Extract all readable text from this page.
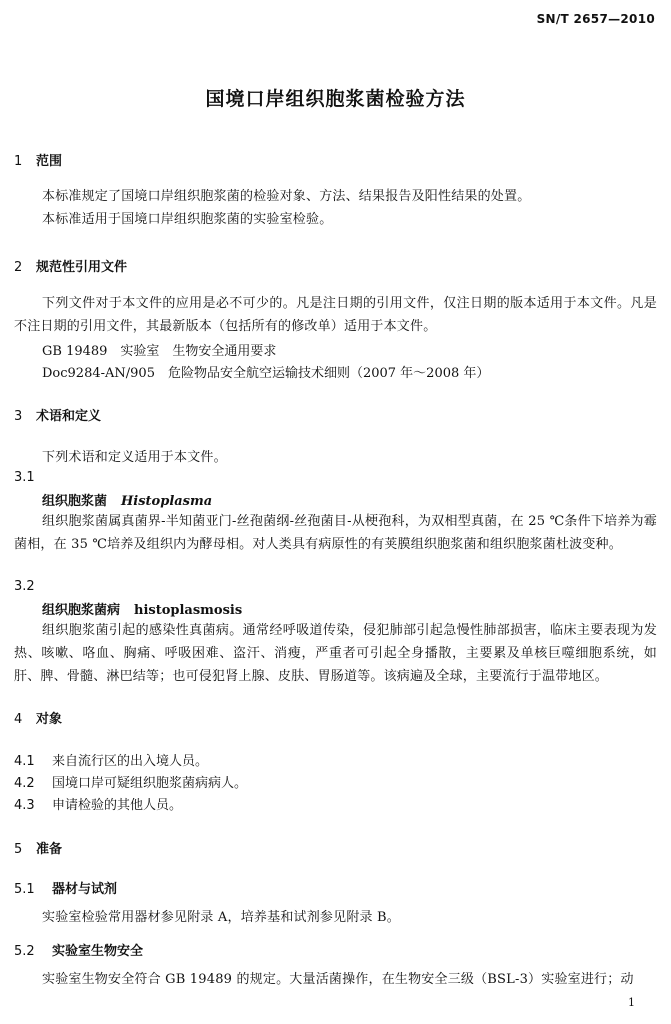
SN/T 2657—2010
国境口岸组织胞浆菌检验方法
1 范围
本标准规定了国境口岸组织胞浆菌的检验对象、方法、结果报告及阳性结果的处置。
本标准适用于国境口岸组织胞浆菌的实验室检验。
2 规范性引用文件
下列文件对于本文件的应用是必不可少的。凡是注日期的引用文件，仅注日期的版本适用于本文件。凡是不注日期的引用文件，其最新版本（包括所有的修改单）适用于本文件。
GB 19489　实验室　生物安全通用要求
Doc9284-AN/905　危险物品安全航空运输技术细则（2007 年～2008 年）
3 术语和定义
下列术语和定义适用于本文件。
3.1
组织胞浆菌 Histoplasma
组织胞浆菌属真菌界-半知菌亚门-丝孢菌纲-丝孢菌目-从梗孢科，为双相型真菌，在 25 ℃条件下培养为霉菌相，在 35 ℃培养及组织内为酵母相。对人类具有病原性的有荚膜组织胞浆菌和组织胞浆菌杜波变种。
3.2
组织胞浆菌病 histoplasmosis
组织胞浆菌引起的感染性真菌病。通常经呼吸道传染，侵犯肺部引起急慢性肺部损害，临床主要表现为发热、咳嗽、咯血、胸痛、呼吸困难、盗汗、消瘦，严重者可引起全身播散，主要累及单核巨噬细胞系统，如肝、脾、骨髓、淋巴结等；也可侵犯肾上腺、皮肤、胃肠道等。该病遍及全球，主要流行于温带地区。
4 对象
4.1 来自流行区的出入境人员。
4.2 国境口岸可疑组织胞浆菌病病人。
4.3 申请检验的其他人员。
5 准备
5.1 器材与试剂
实验室检验常用器材参见附录 A，培养基和试剂参见附录 B。
5.2 实验室生物安全
实验室生物安全符合 GB 19489 的规定。大量活菌操作，在生物安全三级（BSL-3）实验室进行；动
1
